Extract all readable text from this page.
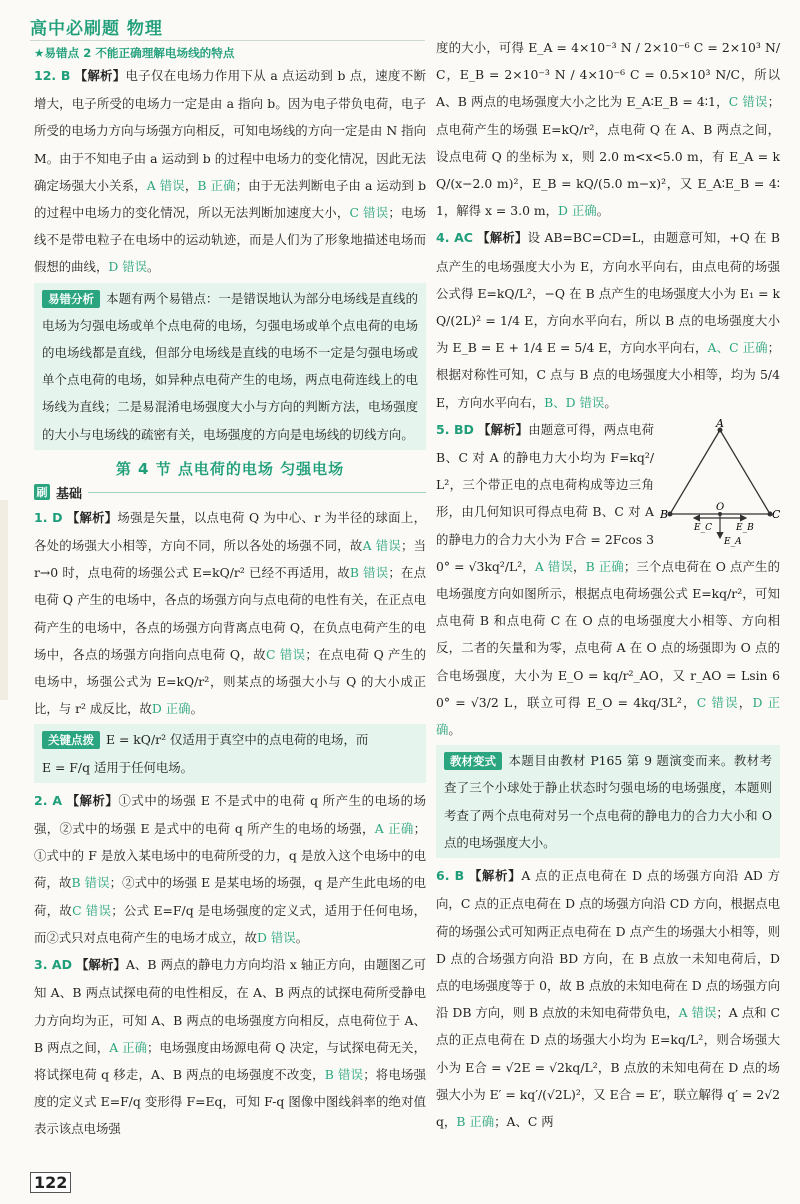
高中必刷题 物理
★易错点 2 不能正确理解电场线的特点

12. B 【解析】电子仅在电场力作用下从 a 点运动到 b 点，速度不断增大，电子所受的电场力一定是由 a 指向 b。因为电子带负电荷，电子所受的电场力方向与场强方向相反，可知电场线的方向一定是由 N 指向 M。由于不知电子由 a 运动到 b 的过程中电场力的变化情况，因此无法确定场强大小关系，A 错误，B 正确；由于无法判断电子由 a 运动到 b 的过程中电场力的变化情况，所以无法判断加速度大小，C 错误；电场线不是带电粒子在电场中的运动轨迹，而是人们为了形象地描述电场而假想的曲线，D 错误。

易错分析 本题有两个易错点：一是错误地认为部分电场线是直线的电场为匀强电场或单个点电荷的电场，匀强电场或单个点电荷的电场的电场线都是直线，但部分电场线是直线的电场不一定是匀强电场或单个点电荷的电场，如异种点电荷产生的电场，两点电荷连线上的电场线为直线；二是易混淆电场强度大小与方向的判断方法，电场强度的大小与电场线的疏密有关，电场强度的方向是电场线的切线方向。

第 4 节 点电荷的电场 匀强电场
刷 基础

1. D 【解析】场强是矢量，以点电荷 Q 为中心、r 为半径的球面上，各处的场强大小相等，方向不同，所以各处的场强不同，故A 错误；当 r→0 时，点电荷的场强公式 E=kQ/r² 已经不再适用，故B 错误；在点电荷 Q 产生的电场中，各点的场强方向与点电荷的电性有关，在正点电荷产生的电场中，各点的场强方向背离点电荷 Q，在负点电荷产生的电场中，各点的场强方向指向点电荷 Q，故C 错误；在点电荷 Q 产生的电场中，场强公式为 E=kQ/r²，则某点的场强大小与 Q 的大小成正比，与 r² 成反比，故D 正确。

关键点拨 E = kQ/r² 仅适用于真空中的点电荷的电场，而
E = F/q 适用于任何电场。

2. A 【解析】①式中的场强 E 不是式中的电荷 q 所产生的电场的场强，②式中的场强 E 是式中的电荷 q 所产生的电场的场强，A 正确；①式中的 F 是放入某电场中的电荷所受的力，q 是放入这个电场中的电荷，故B 错误；②式中的场强 E 是某电场的场强，q 是产生此电场的电荷，故C 错误；公式 E=F/q 是电场强度的定义式，适用于任何电场，而②式只对点电荷产生的电场才成立，故D 错误。

3. AD 【解析】A、B 两点的静电力方向均沿 x 轴正方向，由题图乙可知 A、B 两点试探电荷的电性相反，在 A、B 两点的试探电荷所受静电力方向均为正，可知 A、B 两点的电场强度方向相反，点电荷位于 A、B 两点之间，A 正确；电场强度由场源电荷 Q 决定，与试探电荷无关，将试探电荷 q 移走，A、B 两点的电场强度不改变，B 错误；将电场强度的定义式 E=F/q 变形得 F=Eq，可知 F-q 图像中图线斜率的绝对值表示该点电场强

度的大小，可得 E_A = 4×10⁻³ N / 2×10⁻⁶ C = 2×10³ N/C，E_B = 2×10⁻³ N / 4×10⁻⁶ C = 0.5×10³ N/C，所以 A、B 两点的电场强度大小之比为 E_A∶E_B = 4∶1，C 错误；点电荷产生的场强 E=kQ/r²，点电荷 Q 在 A、B 两点之间，设点电荷 Q 的坐标为 x，则 2.0 m<x<5.0 m，有 E_A = kQ/(x−2.0 m)²，E_B = kQ/(5.0 m−x)²，又 E_A∶E_B = 4∶1，解得 x = 3.0 m，D 正确。

4. AC 【解析】设 AB=BC=CD=L，由题意可知，+Q 在 B 点产生的电场强度大小为 E，方向水平向右，由点电荷的场强公式得 E=kQ/L²，−Q 在 B 点产生的电场强度大小为 E₁ = kQ/(2L)² = 1/4 E，方向水平向右，所以 B 点的电场强度大小为 E_B = E + 1/4 E = 5/4 E，方向水平向右，A、C 正确；根据对称性可知，C 点与 B 点的电场强度大小相等，均为 5/4 E，方向水平向右，B、D 错误。

A
B	C
O
E_C	E_B
E_A

5. BD 【解析】由题意可得，两点电荷 B、C 对 A 的静电力大小均为 F=kq²/L²，三个带正电的点电荷构成等边三角形，由几何知识可得点电荷 B、C 对 A 的静电力的合力大小为 F合 = 2Fcos 30° = √3kq²/L²，A 错误，B 正确；三个点电荷在 O 点产生的电场强度方向如图所示，根据点电荷场强公式 E=kq/r²，可知点电荷 B 和点电荷 C 在 O 点的电场强度大小相等、方向相反，二者的矢量和为零，点电荷 A 在 O 点的场强即为 O 点的合电场强度，大小为 E_O = kq/r²_AO，又 r_AO = Lsin 60° = √3/2 L，联立可得 E_O = 4kq/3L²，C 错误，D 正确。

教材变式 本题目由教材 P165 第 9 题演变而来。教材考查了三个小球处于静止状态时匀强电场的电场强度，本题则考查了两个点电荷对另一个点电荷的静电力的合力大小和 O 点的电场强度大小。

6. B 【解析】A 点的正点电荷在 D 点的场强方向沿 AD 方向，C 点的正点电荷在 D 点的场强方向沿 CD 方向，根据点电荷的场强公式可知两正点电荷在 D 点产生的场强大小相等，则 D 点的合场强方向沿 BD 方向，在 B 点放一未知电荷后，D 点的电场强度等于 0，故 B 点放的未知电荷在 D 点的场强方向沿 DB 方向，则 B 点放的未知电荷带负电，A 错误；A 点和 C 点的正点电荷在 D 点的场强大小均为 E=kq/L²，则合场强大小为 E合 = √2E = √2kq/L²，B 点放的未知电荷在 D 点的场强大小为 E′ = kq′/(√2L)²，又 E合 = E′，联立解得 q′ = 2√2 q，B 正确；A、C 两

122
